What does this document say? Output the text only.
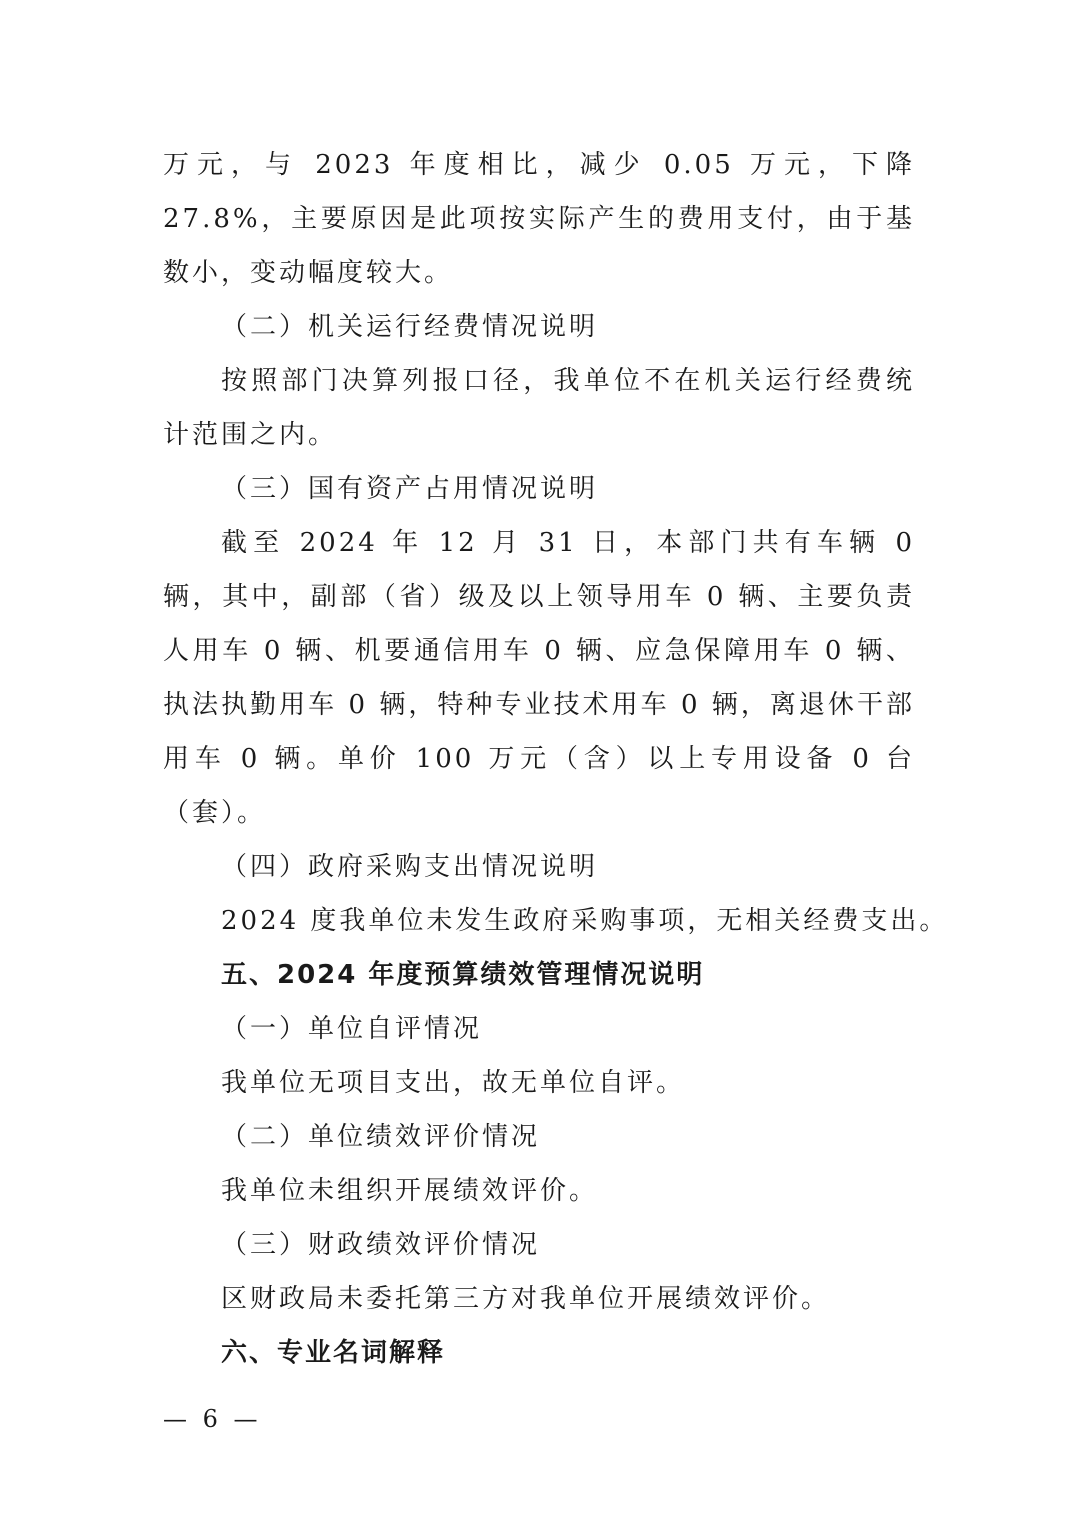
万元，与 2023 年度相比，减少 0.05 万元，下降 27.8%，主要原因是此项按实际产生的费用支付，由于基数小，变动幅度较大。
（二）机关运行经费情况说明
按照部门决算列报口径，我单位不在机关运行经费统计范围之内。
（三）国有资产占用情况说明
截至 2024 年 12 月 31 日，本部门共有车辆 0 辆，其中，副部（省）级及以上领导用车 0 辆、主要负责人用车 0 辆、机要通信用车 0 辆、应急保障用车 0 辆、执法执勤用车 0 辆，特种专业技术用车 0 辆，离退休干部用车 0 辆。单价 100 万元（含）以上专用设备 0 台（套）。
（四）政府采购支出情况说明
2024 度我单位未发生政府采购事项，无相关经费支出。
五、2024 年度预算绩效管理情况说明
（一）单位自评情况
我单位无项目支出，故无单位自评。
（二）单位绩效评价情况
我单位未组织开展绩效评价。
（三）财政绩效评价情况
区财政局未委托第三方对我单位开展绩效评价。
六、专业名词解释
— 6 —
